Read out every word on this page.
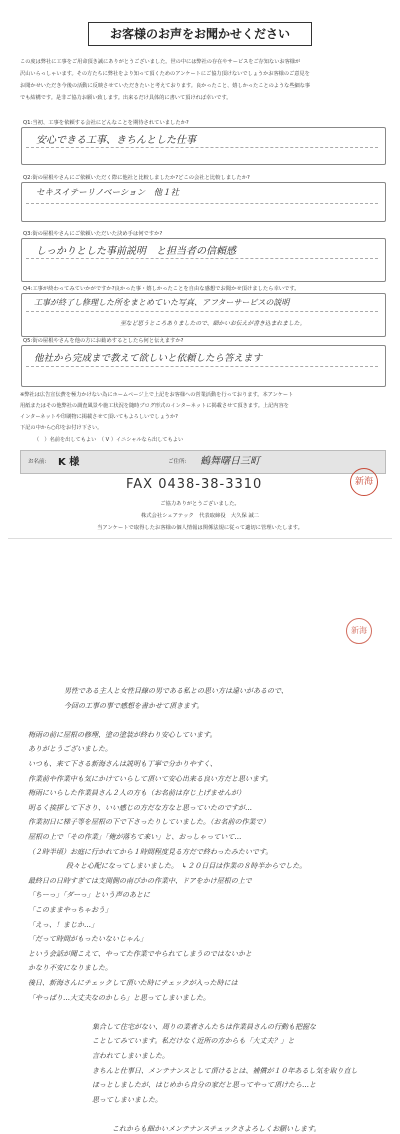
お客様のお声をお聞かせください
この度は弊社に工事をご用命頂き誠にありがとうございました。世の中には弊社の存在やサービスをご存知ないお客様が
沢山いらっしゃいます。その方たちに弊社をより知って頂くためのアンケートにご協力頂けないでしょうかお客様のご意見を
お聞かせいただき今後の活動に反映させていただきたいと考えております。良かったこと、嬉しかったことのような些細な事
でも結構です。是非ご協力お願い致します。出来るだけ具体的に書いて頂ければ幸いです。
Q1:当初、工事を依頼する会社にどんなことを期待されていましたか?
安心できる工事、きちんとした仕事
Q2:街の屋根やさんにご依頼いただく際に他社と比較しましたか?どこの会社と比較しましたか?
セキスイテーリノベーション　他１社
Q3:街の屋根やさんにご依頼いただいた決め手は何ですか?
しっかりとした事前説明　と担当者の信頼感
Q4:工事が終わってみていかがですか?良かった事・嬉しかったことを自由な感想でお聞かせ頂けましたら幸いです。
工事が終了し修理した所をまとめていた写真、アフターサービスの説明
至など思うところありましたので、細かいお伝えが書き込まれました。
Q5:街の屋根やさんを他の方にお勧めするとしたら何と伝えますか?
他社から完成まで教えて欲しいと依頼したら答えます
※弊社は広告宣伝費を極力かけない為にホームページ上で上記をお客様への営業活動を行っております。本アンケート
用紙またはその他弊社の調査風景や施工状況を随時ブログ形式のインターネットに掲載させて頂きます。上記内容を
インターネットや印刷物に掲載させて頂いてもよろしいでしょうか?
下記の中から○印をお付け下さい。
（　）名前を出してもよい　（ V ）イニシャルなら出してもよい
お名前: K 様	ご住所: 鶴舞曙日三町
FAX 0438-38-3310	新海
ご協力ありがとうございました。
株式会社シェアテック　代表取締役　大久保 誠二
当アンケートで取得したお客様の個人情報は関係法規に従って適切に管理いたします。
新海
男性である主人と女性目線の男である私との思い方は違いがあるので、
今回の工事の事で感想を書かせて頂きます。
梅雨の前に屋根の修理、塗の塗装が終わり安心しています。
ありがとうございました。
いつも、来て下さる新海さんは説明も丁寧で分かりやすく、
作業前や作業中も気にかけていらして頂いて安心出来る良い方だと思います。
梅雨にいらした作業員さん２人の方も（お名前は存じ上げませんが）
明るく挨拶して下さり、いい感じの方だな方なと思っていたのですが…
作業初日に梯子等を屋根の下で下さったりしていました。（お名前の作業で）
屋根の上で「その作業」「俺が落ちて来い」と、おっしゃっていて…
（２時半頃）お庭に行かれてから１時間程度見る方だで終わったみたいです。
段々と心配になってしまいました。　↳２０日目は作業の８時半からでした。
最終日の日時すぎては支関側の南ぴかの作業中、ドアをかけ屋根の上で
「ちーっ」「ダーっ」という声のあとに
「このままやっちゃおう」
「えっ、！まじか…」
「だって時間がもったいないじゃん」
という会話が聞こえて、やってた作業でやられてしまうのではないかと
かなり不安になりました。
後日、新海さんにチェックして頂いた時にチェックが入った時には
「やっぱり…大丈夫なのかしら」と思ってしまいました。
集合して住宅がない、周りの業者さんたちは作業員さんの行動も把握な
ことしてみています。私だけなく近所の方からも「大丈夫？」と
言われてしまいました。
きちんと仕事日、メンテナンスとして頂けるとは、補償が１０年あるし気を取り直し
ほっとしましたが、はじめから自分の家だと思ってやって頂けたら…と
思ってしまいました。
これからも細かいメンテナンスチェックさよろしくお願いします。
